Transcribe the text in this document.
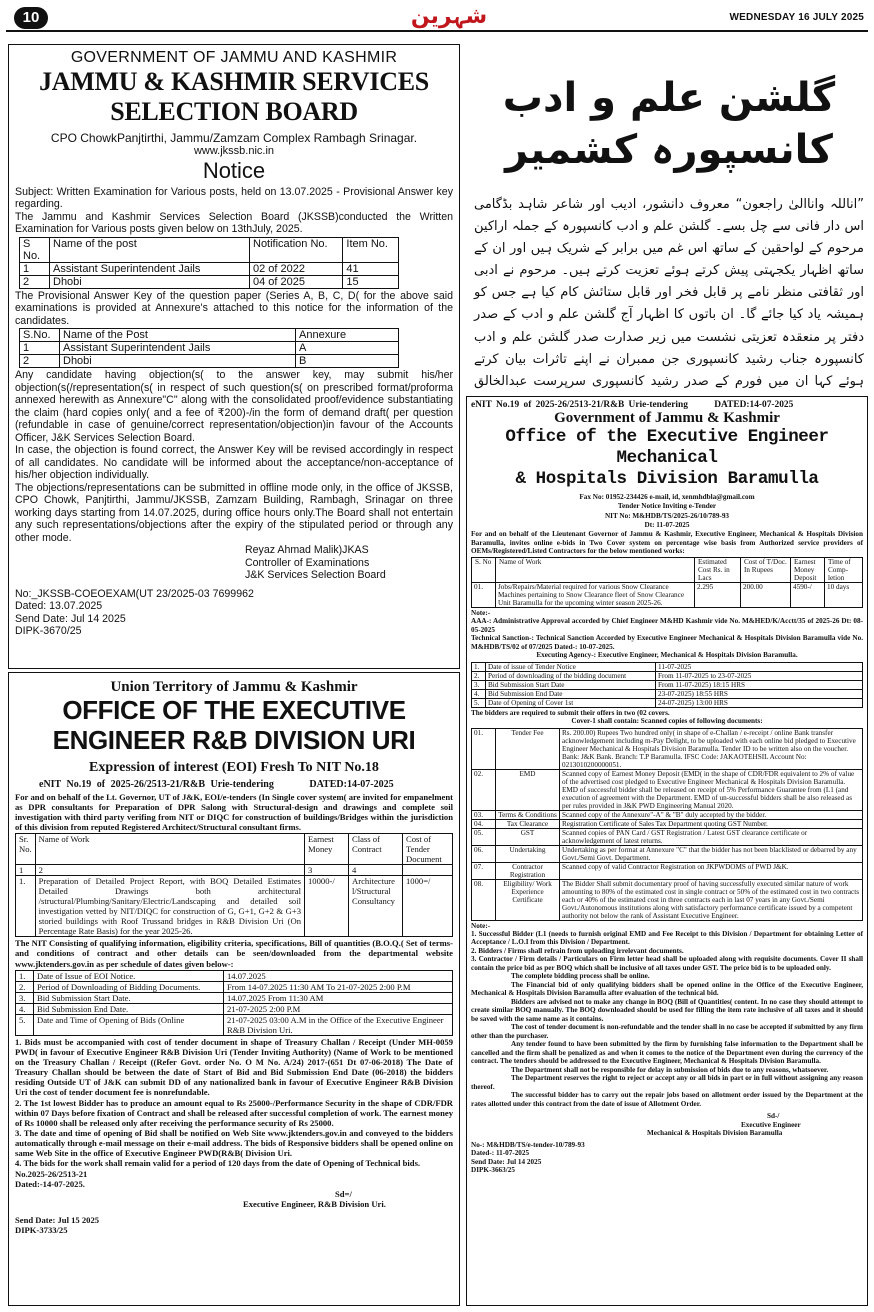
10	شہرین	WEDNESDAY 16 JULY 2025
GOVERNMENT OF JAMMU AND KASHMIR
JAMMU & KASHMIR SERVICES
SELECTION BOARD
CPO ChowkPanjtirthi, Jammu/Zamzam Complex Rambagh Srinagar.
www.jkssb.nic.in
Notice

Subject: Written Examination for Various posts, held on 13.07.2025 - Provisional Answer key regarding.

The Jammu and Kashmir Services Selection Board (JKSSB)conducted the Written Examination for Various posts given below on 13thJuly, 2025.

S No.	Name of the post	Notification No.	Item No.
1	Assistant Superintendent Jails	02 of 2022	41
2	Dhobi	04 of 2025	15

The Provisional Answer Key of the question paper (Series A, B, C, D( for the above said examinations is provided at Annexure's attached to this notice for the information of the candidates.

S.No.	Name of the Post	Annexure
1	Assistant Superintendent Jails	A
2	Dhobi	B

Any candidate having objection(s( to the answer key, may submit his/her objection(s(/representation(s( in respect of such question(s( on prescribed format/proforma annexed herewith as Annexure"C" along with the consolidated proof/evidence substantiating the claim (hard copies only( and a fee of ₹200)-/in the form of demand draft( per question (refundable in case of genuine/correct representation/objection)in favour of the Accounts Officer, J&K Services Selection Board.

In case, the objection is found correct, the Answer Key will be revised accordingly in respect of all candidates. No candidate will be informed about the acceptance/non-acceptance of his/her objection individually.

The objections/representations can be submitted in offline mode only, in the office of JKSSB, CPO Chowk, Panjtirthi, Jammu/JKSSB, Zamzam Building, Rambagh, Srinagar on three working days starting from 14.07.2025, during office hours only.The Board shall not entertain any such representations/objections after the expiry of the stipulated period or through any other mode.

Reyaz Ahmad Malik)JKAS
Controller of Examinations
J&K Services Selection Board
No:_JKSSB-COEOEXAM(UT 23/2025-03 7699962
Dated: 13.07.2025
Send Date: Jul 14 2025
DIPK-3670/25
گلشن علم و ادب کانسپورہ کشمیر

”اناللہ واناالیٰ راجعون“ معروف دانشور، ادیب اور شاعر شاہد بڈگامی اس دار فانی سے چل بسے۔ گلشن علم و ادب کانسپورہ کے جملہ اراکین مرحوم کے لواحقین کے ساتھ اس غم میں برابر کے شریک ہیں اور ان کے ساتھ اظہار یکجہتی پیش کرتے ہوئے تعزیت کرتے ہیں۔ مرحوم نے ادبی اور ثقافتی منظر نامے پر قابل فخر اور قابل ستائش کام کیا ہے جس کو ہمیشہ یاد کیا جائے گا۔ ان باتوں کا اظہار آج گلشن علم و ادب کے صدر دفتر پر منعقدہ تعزیتی نشست میں زیر صدارت صدر گلشن علم و ادب کانسپورہ جناب رشید کانسپوری جن ممبران نے اپنے تاثرات بیان کرتے ہوئے کہا ان میں فورم کے صدر رشید کانسپوری سرپرست عبدالخالق

Union Territory of Jammu & Kashmir
OFFICE OF THE EXECUTIVE
ENGINEER R&B DIVISION URI
Expression of interest (EOI) Fresh To NIT No.18
eNIT No.19 of 2025-26/2513-21/R&B Urie-tendering	DATED:14-07-2025

For and on behalf of the Lt. Governor, UT of J&K, EOI/e-tenders (In Single cover system( are invited for empanelment as DPR consultants for Preparation of DPR Salong with Structural-design and drawings and complete soil investigation with third party verifing from NIT or DIQC for construction of buildings/Bridges within the jurisdiction of this division from reputed Registered Architect/Structural consultant firms.

Sr. No.	Name of Work	Earnest Money	Class of Contract	Cost of Tender Document
1	2	3	4	
1.	Preparation of Detailed Project Report, with BOQ Detailed Estimates Detailed Drawings both architectural /structural/Plumbing/Sanitary/Electric/Landscaping and detailed soil investigation vetted by NIT/DIQC for construction of G, G+1, G+2 & G+3 storied buildings with Roof Trussand bridges in R&B Division Uri (On Percentage Rate Basis) for the year 2025-26.	10000-/	Architecture l/Structural Consultancy	1000=/

The NIT Consisting of qualifying information, eligibility criteria, specifications, Bill of quantities (B.O.Q.( Set of terms- and conditions of contract and other details can be seen/downloaded from the departmental website www.jktenders.gov.in as per schedule of dates given below-:

1.	Date of Issue of EOI Notice.	14.07.2025
2.	Period of Downloading of Bidding Documents.	From 14-07.2025 11:30 AM To 21-07-2025 2:00 P.M
3.	Bid Submission Start Date.	14.07.2025 From 11:30 AM
4.	Bid Submission End Date.	21-07-2025 2:00 P.M
5.	Date and Time of Opening of Bids (Online	21-07-2025 03:00 A.M in the Office of the Executive Engineer R&B Division Uri.

1. Bids must be accompanied with cost of tender document in shape of Treasury Challan / Receipt (Under MH-0059 PWD( in favour of Executive Engineer R&B Division Uri (Tender Inviting Authority) (Name of Work to be mentioned on the Treasury Challan / Receipt ((Refer Govt. order No. O M No. A/24) 2017-(651 Dt 07-06-2018) The Date of Treasury Challan should be between the date of Start of Bid and Bid Submission End Date (06-2018) the bidders residing Outside UT of J&K can submit DD of any nationalized bank in favour of Executive Engineer R&B Division Uri the cost of tender document fee is nonrefundable.

2. The 1st lowest Bidder has to produce an amount equal to Rs 25000-/Performance Security in the shape of CDR/FDR within 07 Days before fixation of Contract and shall be released after successful completion of work. The earnest money of Rs 10000 shall be released only after receiving the performance security of Rs 25000.

3. The date and time of opening of Bid shall be notified on Web Site www.jktenders.gov.in and conveyed to the bidders automatically through e-mail message on their e-mail address. The bids of Responsive bidders shall be opened online on same Web Site in the office of Executive Engineer PWD(R&B( Division Uri.

4. The bids for the work shall remain valid for a period of 120 days from the date of Opening of Technical bids.

No.2025-26/2513-21
Dated:-14-07-2025.
Sd=/
Executive Engineer, R&B Division Uri.
Send Date: Jul 15 2025
DIPK-3733/25
eNIT No.19 of 2025-26/2513-21/R&B Urie-tendering	DATED:14-07-2025
Government of Jammu & Kashmir
Office of the Executive Engineer Mechanical
& Hospitals Division Baramulla
Fax No: 01952-234426 e-mail, id, xenmhdbla@gmail.com
Tender Notice Inviting e-Tender
NIT No: M&HDB/TS/2025-26/10/789-93
Dt: 11-07-2025

For and on behalf of the Lieutenant Governor of Jammu & Kashmir, Executive Engineer, Mechanical & Hospitals Division Baramulla, invites online e-bids in Two Cover system on percentage wise basis from Authorized service providers of OEMs/Registered/Listed Contractors for the below mentioned works:

S. No	Name of Work	Estimated Cost Rs. in Lacs	Cost of T/Doc. In Rupees	Earnest Money Deposit	Time of Comp-letion
01.	Jobs/Repairs/Material required for various Snow Clearance Machines pertaining to Snow Clearance fleet of Snow Clearance Unit Baramulla for the upcoming winter season 2025-26.	2.295	200.00	4590-/	10 days
Note:-

AAA-: Administrative Approval accorded by Chief Engineer M&HD Kashmir vide No. M&HED/K/Acctt/35 of 2025-26 Dt: 08-05-2025

Technical Sanction-: Technical Sanction Accorded by Executive Engineer Mechanical & Hospitals Division Baramulla vide No. M&HDB/TS/02 of 07/2025 Dated-: 10-07-2025.

Executing Agency-: Executive Engineer, Mechanical & Hospitals Division Baramulla.
1.	Date of issue of Tender Notice	11-07-2025
2.	Period of downloading of the bidding document	From 11-07-2025 to 23-07-2025
3.	Bid Submission Start Date	From 11-07-2025) 18:15 HRS
4.	Bid Submission End Date	23-07-2025) 18:55 HRS
5.	Date of Opening of Cover 1st	24-07-2025) 13:00 HRS
The bidders are required to submit their offers in two (02 covers.
Cover-1 shall contain: Scanned copies of following documents:
01.	Tender Fee	Rs. 200.00) Rupees Two hundred only( in shape of e-Challan / e-receipt / online Bank transfer acknowledgement including m-Pay Delight, to be uploaded with each online bid pledged to Executive Engineer Mechanical & Hospitals Division Baramulla. Tender ID to be written also on the voucher. Bank: J&K Bank. Branch: T.P Baramulla. IFSC Code: JAKAOTEHSIL Account No: 0213010200000051.
02.	EMD	Scanned copy of Earnest Money Deposit (EMD( in the shape of CDR/FDR equivalent to 2% of value of the advertised cost pledged to Executive Engineer Mechanical & Hospitals Division Baramulla. EMD of successful bidder shall be released on receipt of 5% Performance Guarantee from (L1 (and execution of agreement with the Department. EMD of un-successful bidders shall be also released as per rules provided in J&K PWD Engineering Manual 2020.
03.	Terms & Conditions	Scanned copy of the Annexure"-A" & "B" duly accepted by the bidder.
04.	Tax Clearance	Registration Certificate of Sales Tax Department quoting GST Number.
05.	GST	Scanned copies of PAN Card / GST Registration / Latest GST clearance certificate or acknowledgement of latest returns.
06.	Undertaking	Undertaking as per format at Annexure "C" that the bidder has not been blacklisted or debarred by any Govt./Semi Govt. Department.
07.	Contractor Registration	Scanned copy of valid Contractor Registration on JKPWDOMS of PWD J&K.
08.	Eligibility/ Work Experience Certificate	The Bidder Shall submit documentary proof of having successfully executed similar nature of work amounting to 80% of the estimated cost in single contract or 50% of the estimated cost in two contracts each or 40% of the estimated cost in three contracts each in last 07 years in any Govt./Semi Govt./Autonomous institutions along with satisfactory performance certificate issued by a competent authority not below the rank of Assistant Executive Engineer.
Note:-

1. Successful Bidder (L1 (needs to furnish original EMD and Fee Receipt to this Division / Department for obtaining Letter of Acceptance / L.O.I from this Division / Department.

2. Bidders / Firms shall refrain from uploading irrelevant documents.

3. Contractor / Firm details / Particulars on Firm letter head shall be uploaded along with requisite documents. Cover II shall contain the price bid as per BOQ which shall be inclusive of all taxes under GST. The price bid is to be uploaded only.

The complete bidding process shall be online.

The Financial bid of only qualifying bidders shall be opened online in the Office of the Executive Engineer, Mechanical & Hospitals Division Baramulla after evaluation of the technical bid.

Bidders are advised not to make any change in BOQ (Bill of Quantities( content. In no case they should attempt to create similar BOQ manually. The BOQ downloaded should be used for filling the item rate inclusive of all taxes and it should be saved with the same name as it contains.

The cost of tender document is non-refundable and the tender shall in no case be accepted if submitted by any firm other than the purchaser.

Any tender found to have been submitted by the firm by furnishing false information to the Department shall be cancelled and the firm shall be penalized as and when it comes to the notice of the Department even during the currency of the contract. The tenders should be addressed to the Executive Engineer, Mechanical & Hospitals Division Baramulla.

The Department shall not be responsible for delay in submission of bids due to any reasons, whatsoever.

The Department reserves the right to reject or accept any or all bids in part or in full without assigning any reason thereof.

The successful bidder has to carry out the repair jobs based on allotment order issued by the Department at the rates allotted under this contract from the date of issue of Allotment Order.

Sd-/
Executive Engineer
Mechanical & Hospitals Division Baramulla
No-: M&HDB/TS/e-tender-10/789-93
Dated-: 11-07-2025
Send Date: Jul 14 2025
DIPK-3663/25
